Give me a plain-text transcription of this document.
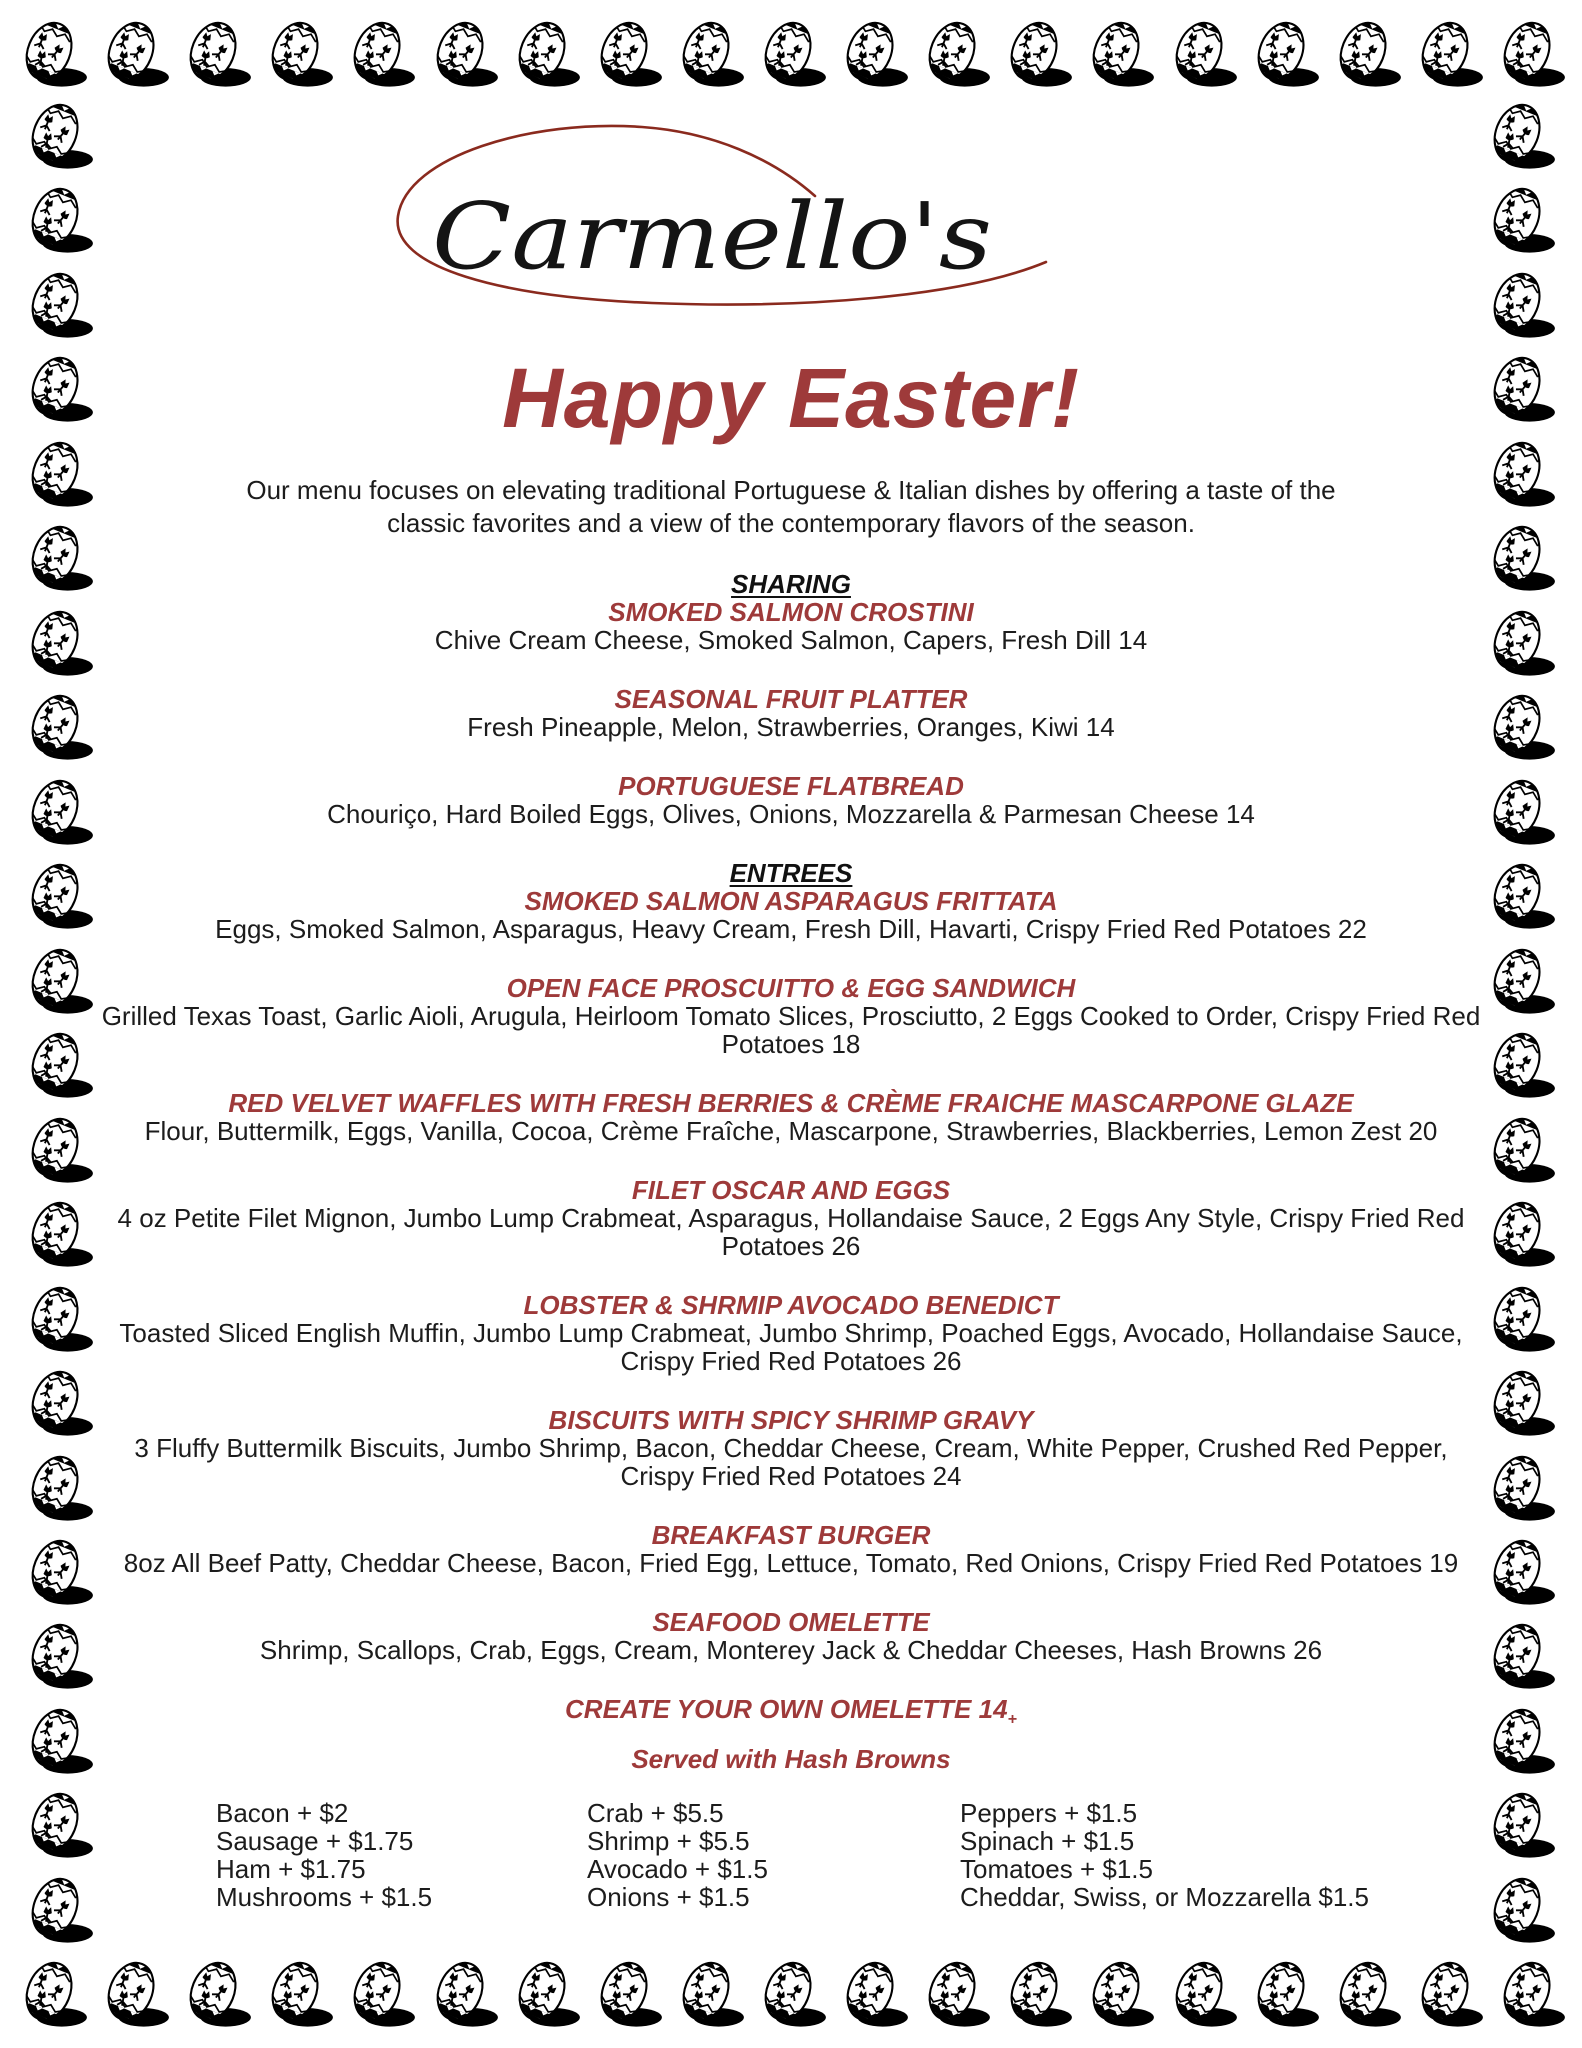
Carmello's
Happy Easter!
Our menu focuses on elevating traditional Portuguese & Italian dishes by offering a taste of the classic favorites and a view of the contemporary flavors of the season.
SHARING
SMOKED SALMON CROSTINI
Chive Cream Cheese, Smoked Salmon, Capers, Fresh Dill 14
SEASONAL FRUIT PLATTER
Fresh Pineapple, Melon, Strawberries, Oranges, Kiwi 14
PORTUGUESE FLATBREAD
Chouriço, Hard Boiled Eggs, Olives, Onions, Mozzarella & Parmesan Cheese 14
ENTREES
SMOKED SALMON ASPARAGUS FRITTATA
Eggs, Smoked Salmon, Asparagus, Heavy Cream, Fresh Dill, Havarti, Crispy Fried Red Potatoes 22
OPEN FACE PROSCUITTO & EGG SANDWICH
Grilled Texas Toast, Garlic Aioli, Arugula, Heirloom Tomato Slices, Prosciutto, 2 Eggs Cooked to Order, Crispy Fried Red Potatoes 18
RED VELVET WAFFLES WITH FRESH BERRIES & CRÈME FRAICHE MASCARPONE GLAZE
Flour, Buttermilk, Eggs, Vanilla, Cocoa, Crème Fraîche, Mascarpone, Strawberries, Blackberries, Lemon Zest 20
FILET OSCAR AND EGGS
4 oz Petite Filet Mignon, Jumbo Lump Crabmeat, Asparagus, Hollandaise Sauce, 2 Eggs Any Style, Crispy Fried Red Potatoes 26
LOBSTER & SHRMIP AVOCADO BENEDICT
Toasted Sliced English Muffin, Jumbo Lump Crabmeat, Jumbo Shrimp, Poached Eggs, Avocado, Hollandaise Sauce, Crispy Fried Red Potatoes 26
BISCUITS WITH SPICY SHRIMP GRAVY
3 Fluffy Buttermilk Biscuits, Jumbo Shrimp, Bacon, Cheddar Cheese, Cream, White Pepper, Crushed Red Pepper, Crispy Fried Red Potatoes 24
BREAKFAST BURGER
8oz All Beef Patty, Cheddar Cheese, Bacon, Fried Egg, Lettuce, Tomato, Red Onions, Crispy Fried Red Potatoes 19
SEAFOOD OMELETTE
Shrimp, Scallops, Crab, Eggs, Cream, Monterey Jack & Cheddar Cheeses, Hash Browns 26
CREATE YOUR OWN OMELETTE $14_+$
Served with Hash Browns
Bacon + $2
Sausage + $1.75
Ham + $1.75
Mushrooms + $1.5
Crab + $5.5
Shrimp + $5.5
Avocado + $1.5
Onions + $1.5
Peppers + $1.5
Spinach + $1.5
Tomatoes + $1.5
Cheddar, Swiss, or Mozzarella $1.5
